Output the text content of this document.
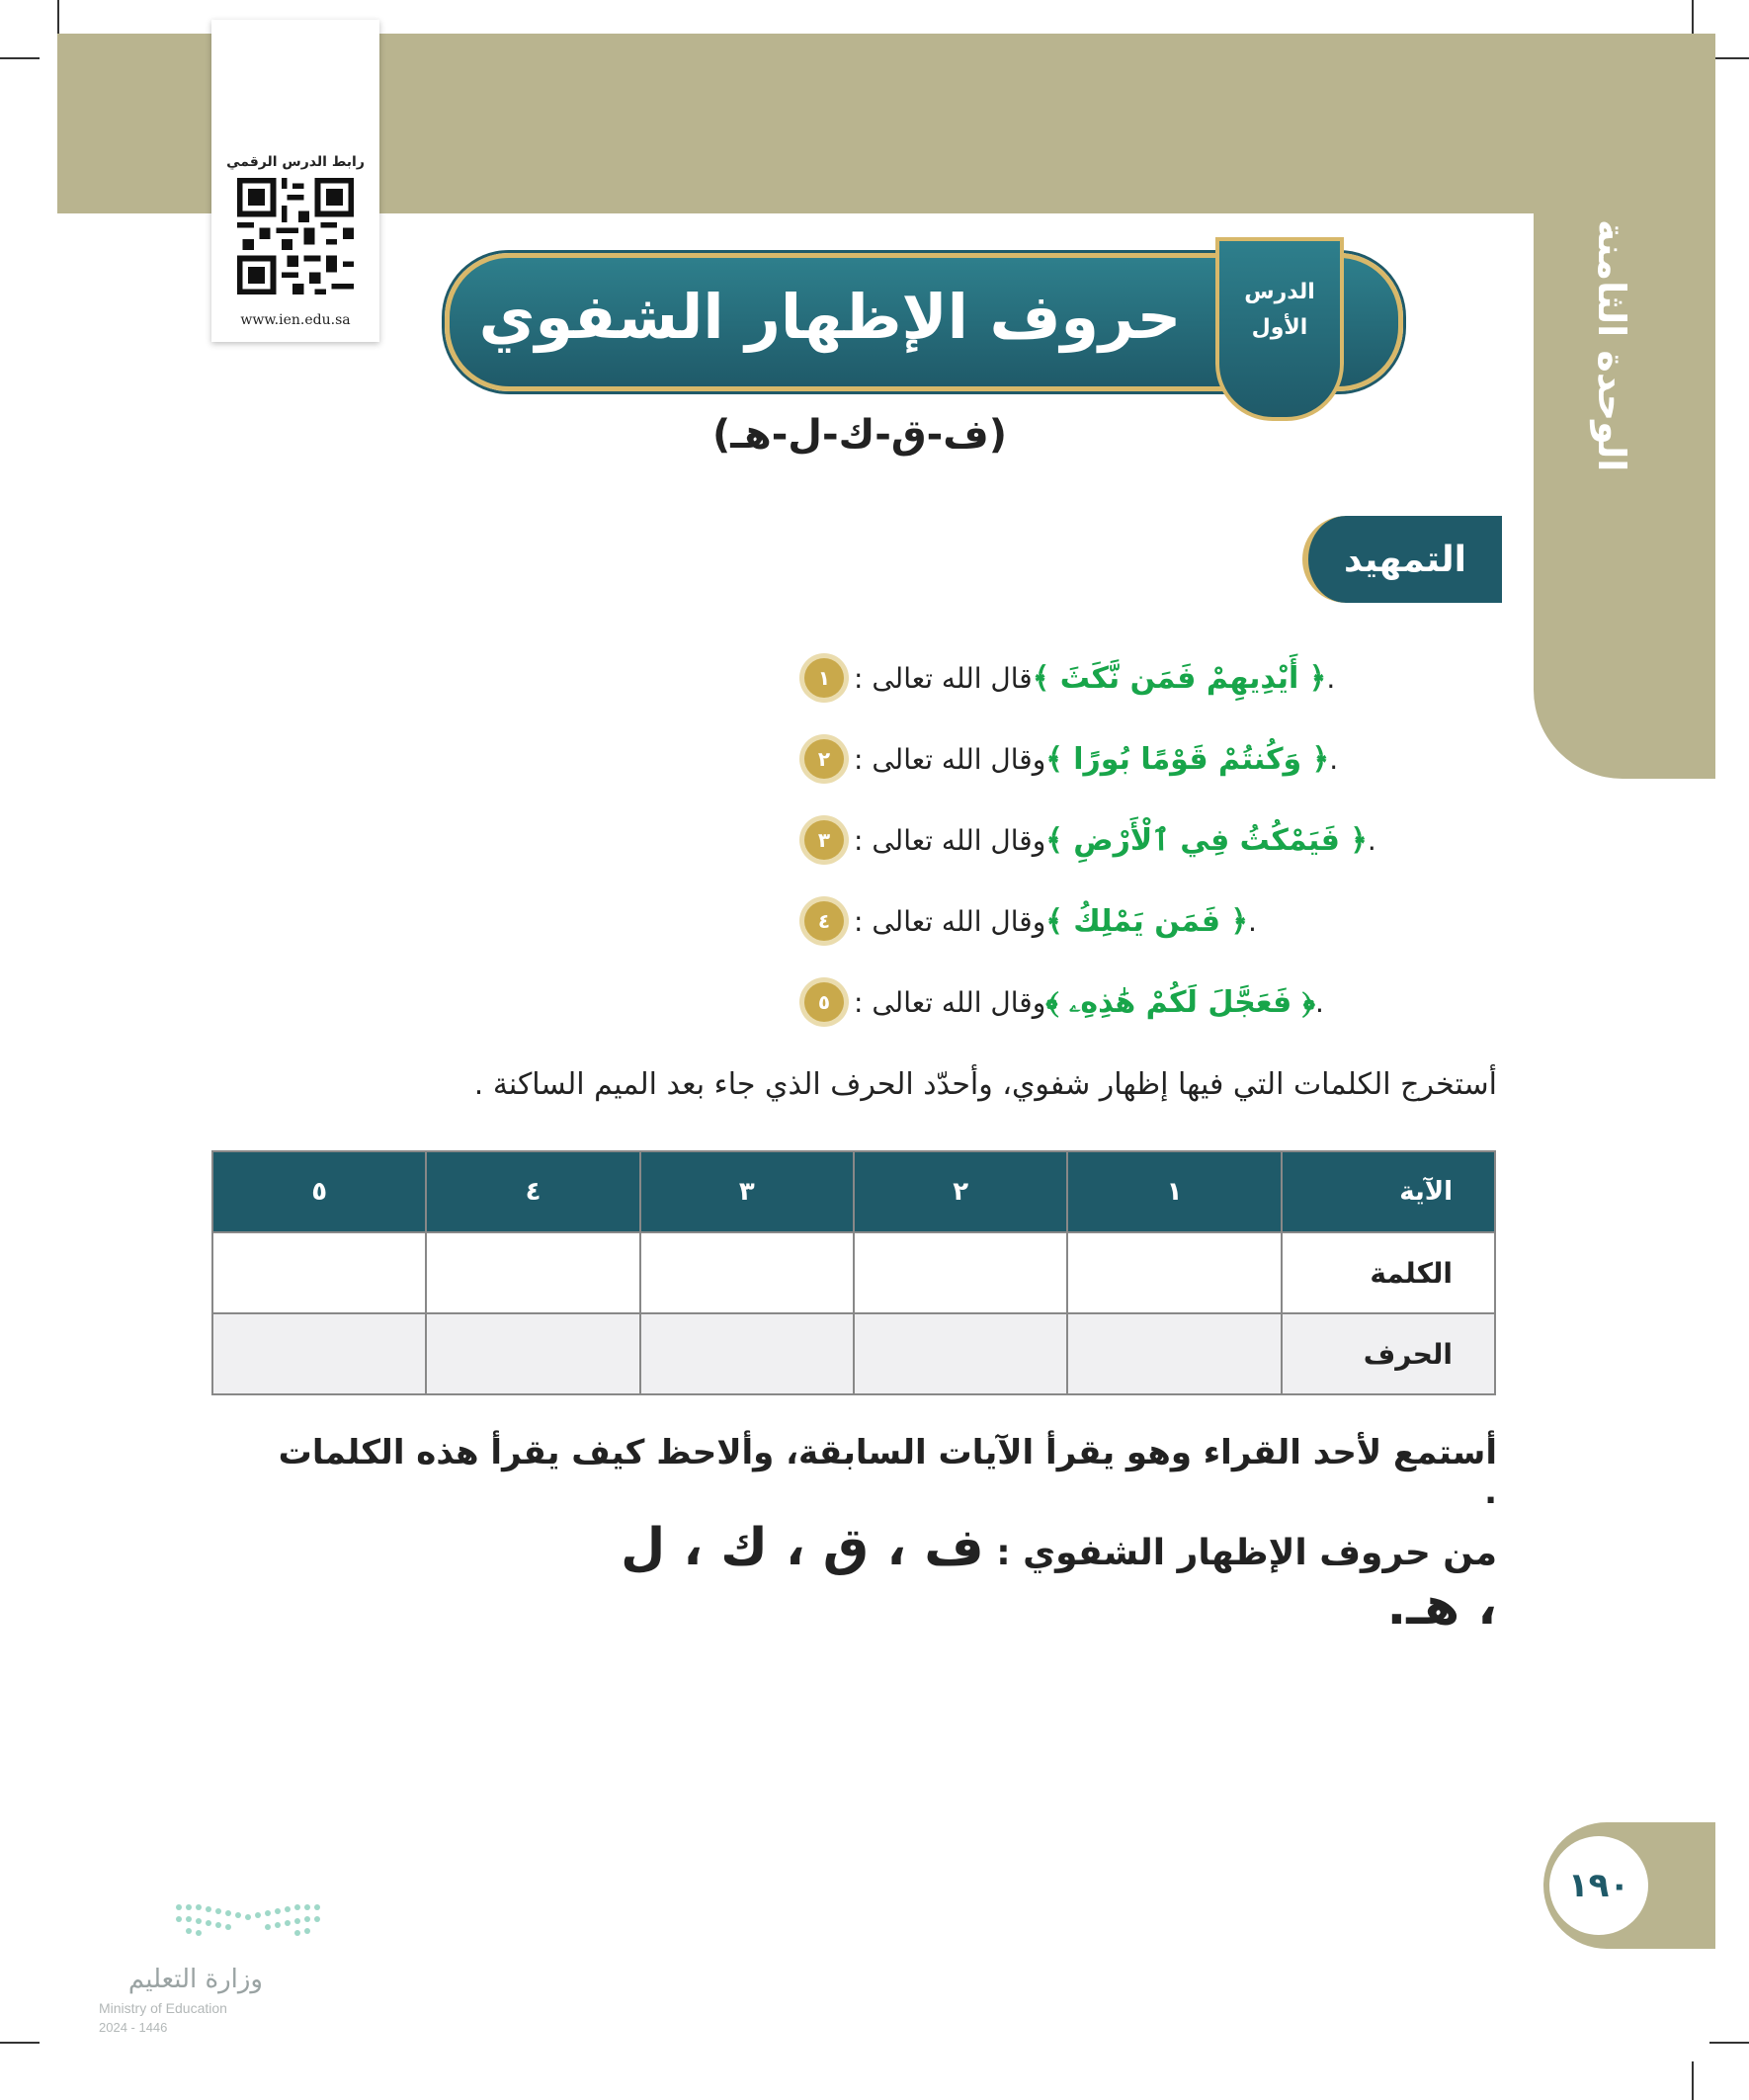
الوحدة الثامنة
رابط الدرس الرقمي
www.ien.edu.sa	حروف الإظهار الشفوي	الدرس
الأول
(ف-ق-ك-ل-هـ)
التمهيد
١ قال الله تعالى : ﴿ أَيْدِيهِمْ فَمَن نَّكَثَ ﴾ .
٢ وقال الله تعالى : ﴿ وَكُنتُمْ قَوْمًا بُورًا ﴾ .
٣ وقال الله تعالى : ﴿ فَيَمْكُثُ فِي ٱلْأَرْضِ ﴾ .
٤ وقال الله تعالى : ﴿ فَمَن يَمْلِكُ ﴾ .
٥ وقال الله تعالى : ﴿ فَعَجَّلَ لَكُمْ هَٰذِهِۦ ﴾ .
أستخرج الكلمات التي فيها إظهار شفوي، وأحدّد الحرف الذي جاء بعد الميم الساكنة .
الآية	١	٢	٣	٤	٥
الكلمة					
الحرف					
أستمع لأحد القراء وهو يقرأ الآيات السابقة، وألاحظ كيف يقرأ هذه الكلمات .
من حروف الإظهار الشفوي : ف ، ق ، ك ، ل ، هـ.
١٩٠
وزارة التعليم
Ministry of Education
2024 - 1446
